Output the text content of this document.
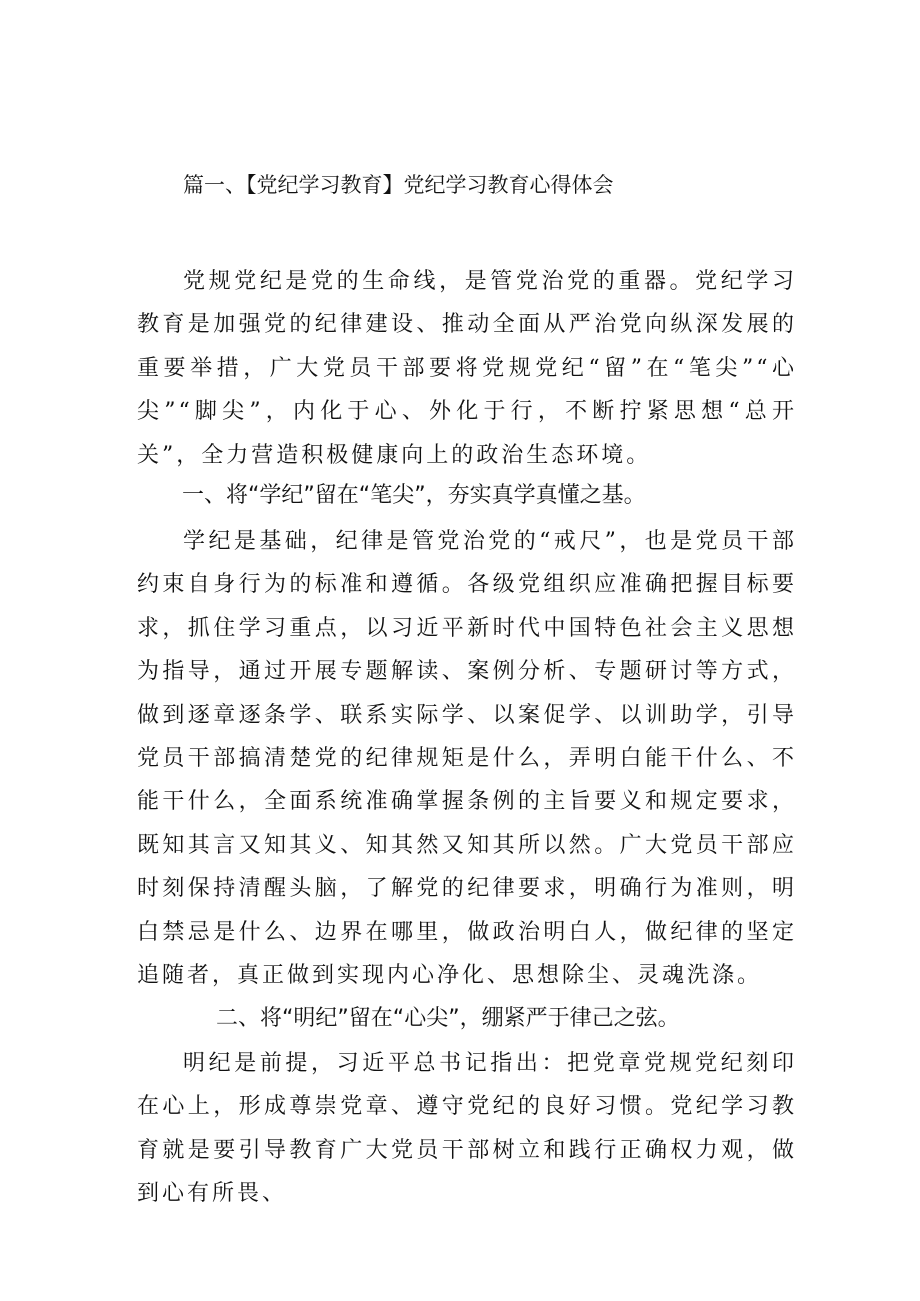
篇一、【党纪学习教育】党纪学习教育心得体会

党规党纪是党的生命线，是管党治党的重器。党纪学习教育是加强党的纪律建设、推动全面从严治党向纵深发展的重要举措，广大党员干部要将党规党纪“留”在“笔尖”“心尖”“脚尖”，内化于心、外化于行，不断拧紧思想“总开关”，全力营造积极健康向上的政治生态环境。

一、将“学纪”留在“笔尖”，夯实真学真懂之基。

学纪是基础，纪律是管党治党的“戒尺”，也是党员干部约束自身行为的标准和遵循。各级党组织应准确把握目标要求，抓住学习重点，以习近平新时代中国特色社会主义思想为指导，通过开展专题解读、案例分析、专题研讨等方式，做到逐章逐条学、联系实际学、以案促学、以训助学，引导党员干部搞清楚党的纪律规矩是什么，弄明白能干什么、不能干什么，全面系统准确掌握条例的主旨要义和规定要求，既知其言又知其义、知其然又知其所以然。广大党员干部应时刻保持清醒头脑，了解党的纪律要求，明确行为准则，明白禁忌是什么、边界在哪里，做政治明白人，做纪律的坚定追随者，真正做到实现内心净化、思想除尘、灵魂洗涤。

二、将“明纪”留在“心尖”，绷紧严于律己之弦。

明纪是前提，习近平总书记指出：把党章党规党纪刻印在心上，形成尊崇党章、遵守党纪的良好习惯。党纪学习教育就是要引导教育广大党员干部树立和践行正确权力观，做到心有所畏、
